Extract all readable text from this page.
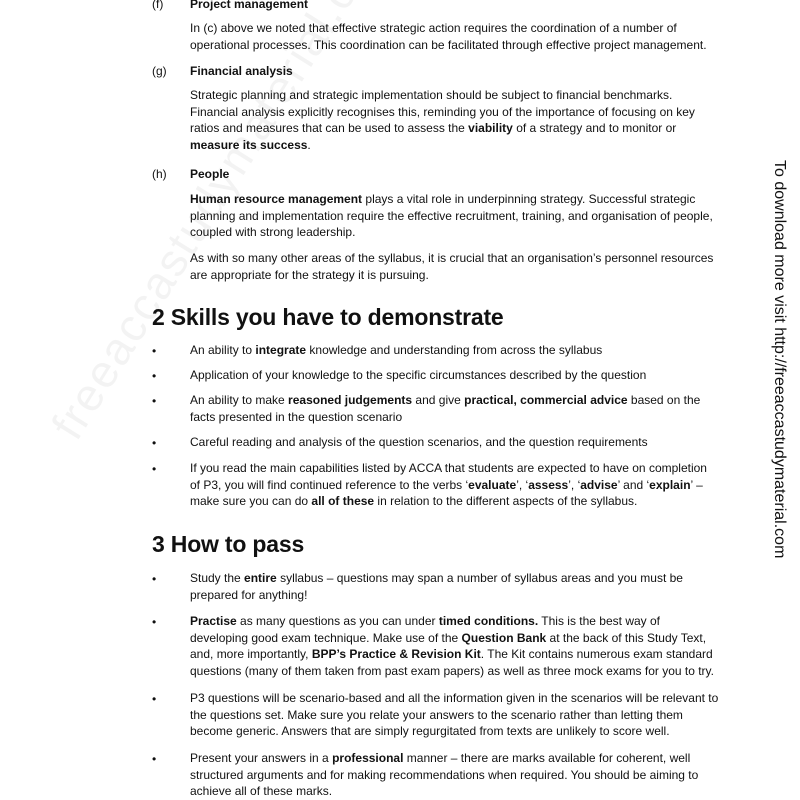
(f) Project management

In (c) above we noted that effective strategic action requires the coordination of a number of operational processes. This coordination can be facilitated through effective project management.

(g) Financial analysis

Strategic planning and strategic implementation should be subject to financial benchmarks. Financial analysis explicitly recognises this, reminding you of the importance of focusing on key ratios and measures that can be used to assess the viability of a strategy and to monitor or measure its success.

(h) People

Human resource management plays a vital role in underpinning strategy. Successful strategic planning and implementation require the effective recruitment, training, and organisation of people, coupled with strong leadership.

As with so many other areas of the syllabus, it is crucial that an organisation’s personnel resources are appropriate for the strategy it is pursuing.

2 Skills you have to demonstrate
•	An ability to integrate knowledge and understanding from across the syllabus

•	Application of your knowledge to the specific circumstances described by the question

•	An ability to make reasoned judgements and give practical, commercial advice based on the facts presented in the question scenario

•	Careful reading and analysis of the question scenarios, and the question requirements

•	If you read the main capabilities listed by ACCA that students are expected to have on completion of P3, you will find continued reference to the verbs ‘evaluate’, ‘assess’, ‘advise’ and ‘explain’ – make sure you can do all of these in relation to the different aspects of the syllabus.

3 How to pass
•	Study the entire syllabus – questions may span a number of syllabus areas and you must be prepared for anything!

•	Practise as many questions as you can under timed conditions. This is the best way of developing good exam technique. Make use of the Question Bank at the back of this Study Text, and, more importantly, BPP’s Practice & Revision Kit. The Kit contains numerous exam standard questions (many of them taken from past exam papers) as well as three mock exams for you to try.

•	P3 questions will be scenario-based and all the information given in the scenarios will be relevant to the questions set. Make sure you relate your answers to the scenario rather than letting them become generic. Answers that are simply regurgitated from texts are unlikely to score well.

•	Present your answers in a professional manner – there are marks available for coherent, well structured arguments and for making recommendations when required. You should be aiming to achieve all of these marks.

To download more visit http://freeaccastudymaterial.com
